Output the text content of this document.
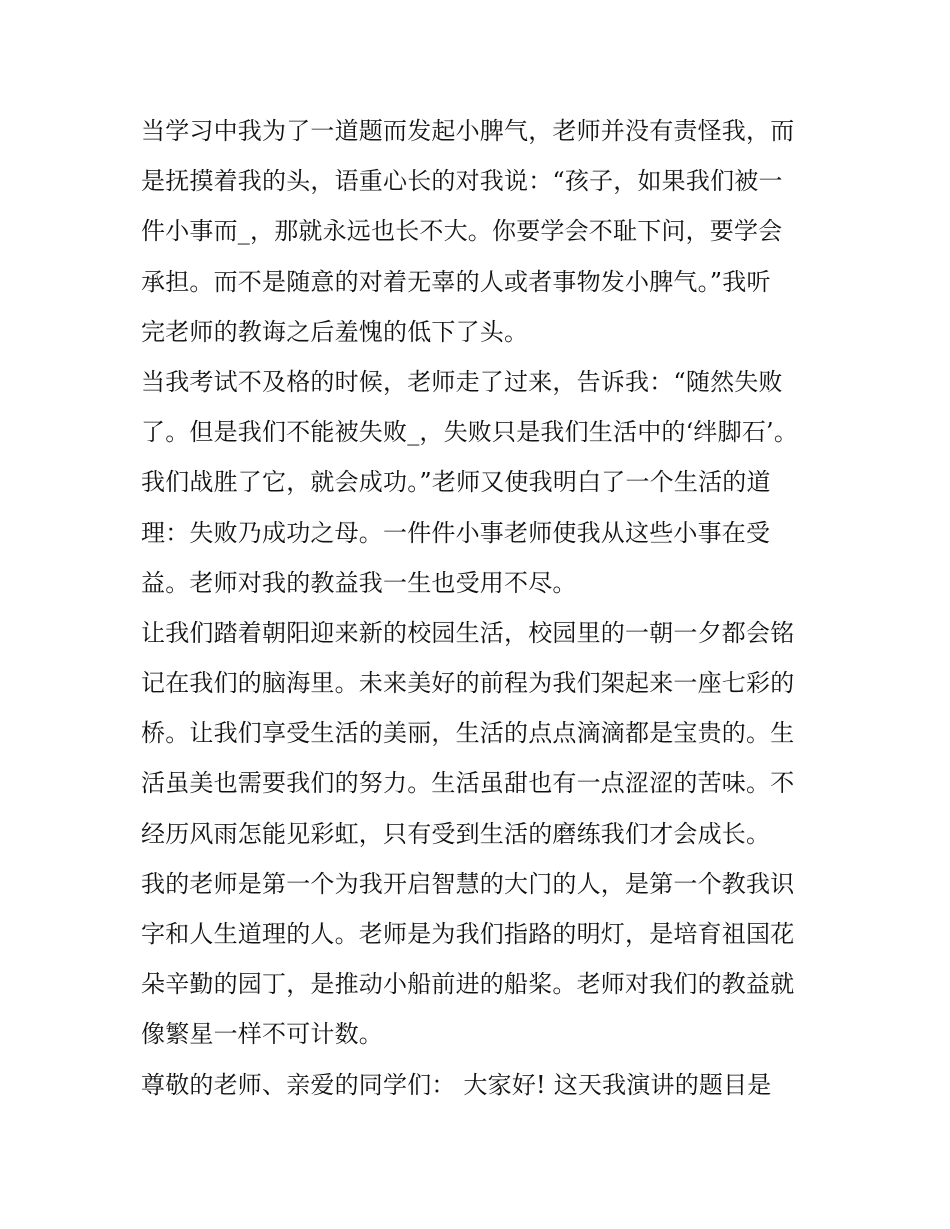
当学习中我为了一道题而发起小脾气，老师并没有责怪我，而
是抚摸着我的头，语重心长的对我说：“孩子，如果我们被一
件小事而_，那就永远也长不大。你要学会不耻下问，要学会
承担。而不是随意的对着无辜的人或者事物发小脾气。”我听
完老师的教诲之后羞愧的低下了头。
当我考试不及格的时候，老师走了过来，告诉我：“随然失败
了。但是我们不能被失败_，失败只是我们生活中的‘绊脚石’。
我们战胜了它，就会成功。”老师又使我明白了一个生活的道
理：失败乃成功之母。一件件小事老师使我从这些小事在受
益。老师对我的教益我一生也受用不尽。
让我们踏着朝阳迎来新的校园生活，校园里的一朝一夕都会铭
记在我们的脑海里。未来美好的前程为我们架起来一座七彩的
桥。让我们享受生活的美丽，生活的点点滴滴都是宝贵的。生
活虽美也需要我们的努力。生活虽甜也有一点涩涩的苦味。不
经历风雨怎能见彩虹，只有受到生活的磨练我们才会成长。
我的老师是第一个为我开启智慧的大门的人，是第一个教我识
字和人生道理的人。老师是为我们指路的明灯，是培育祖国花
朵辛勤的园丁，是推动小船前进的船桨。老师对我们的教益就
像繁星一样不可计数。
尊敬的老师、亲爱的同学们： 大家好! 这天我演讲的题目是
